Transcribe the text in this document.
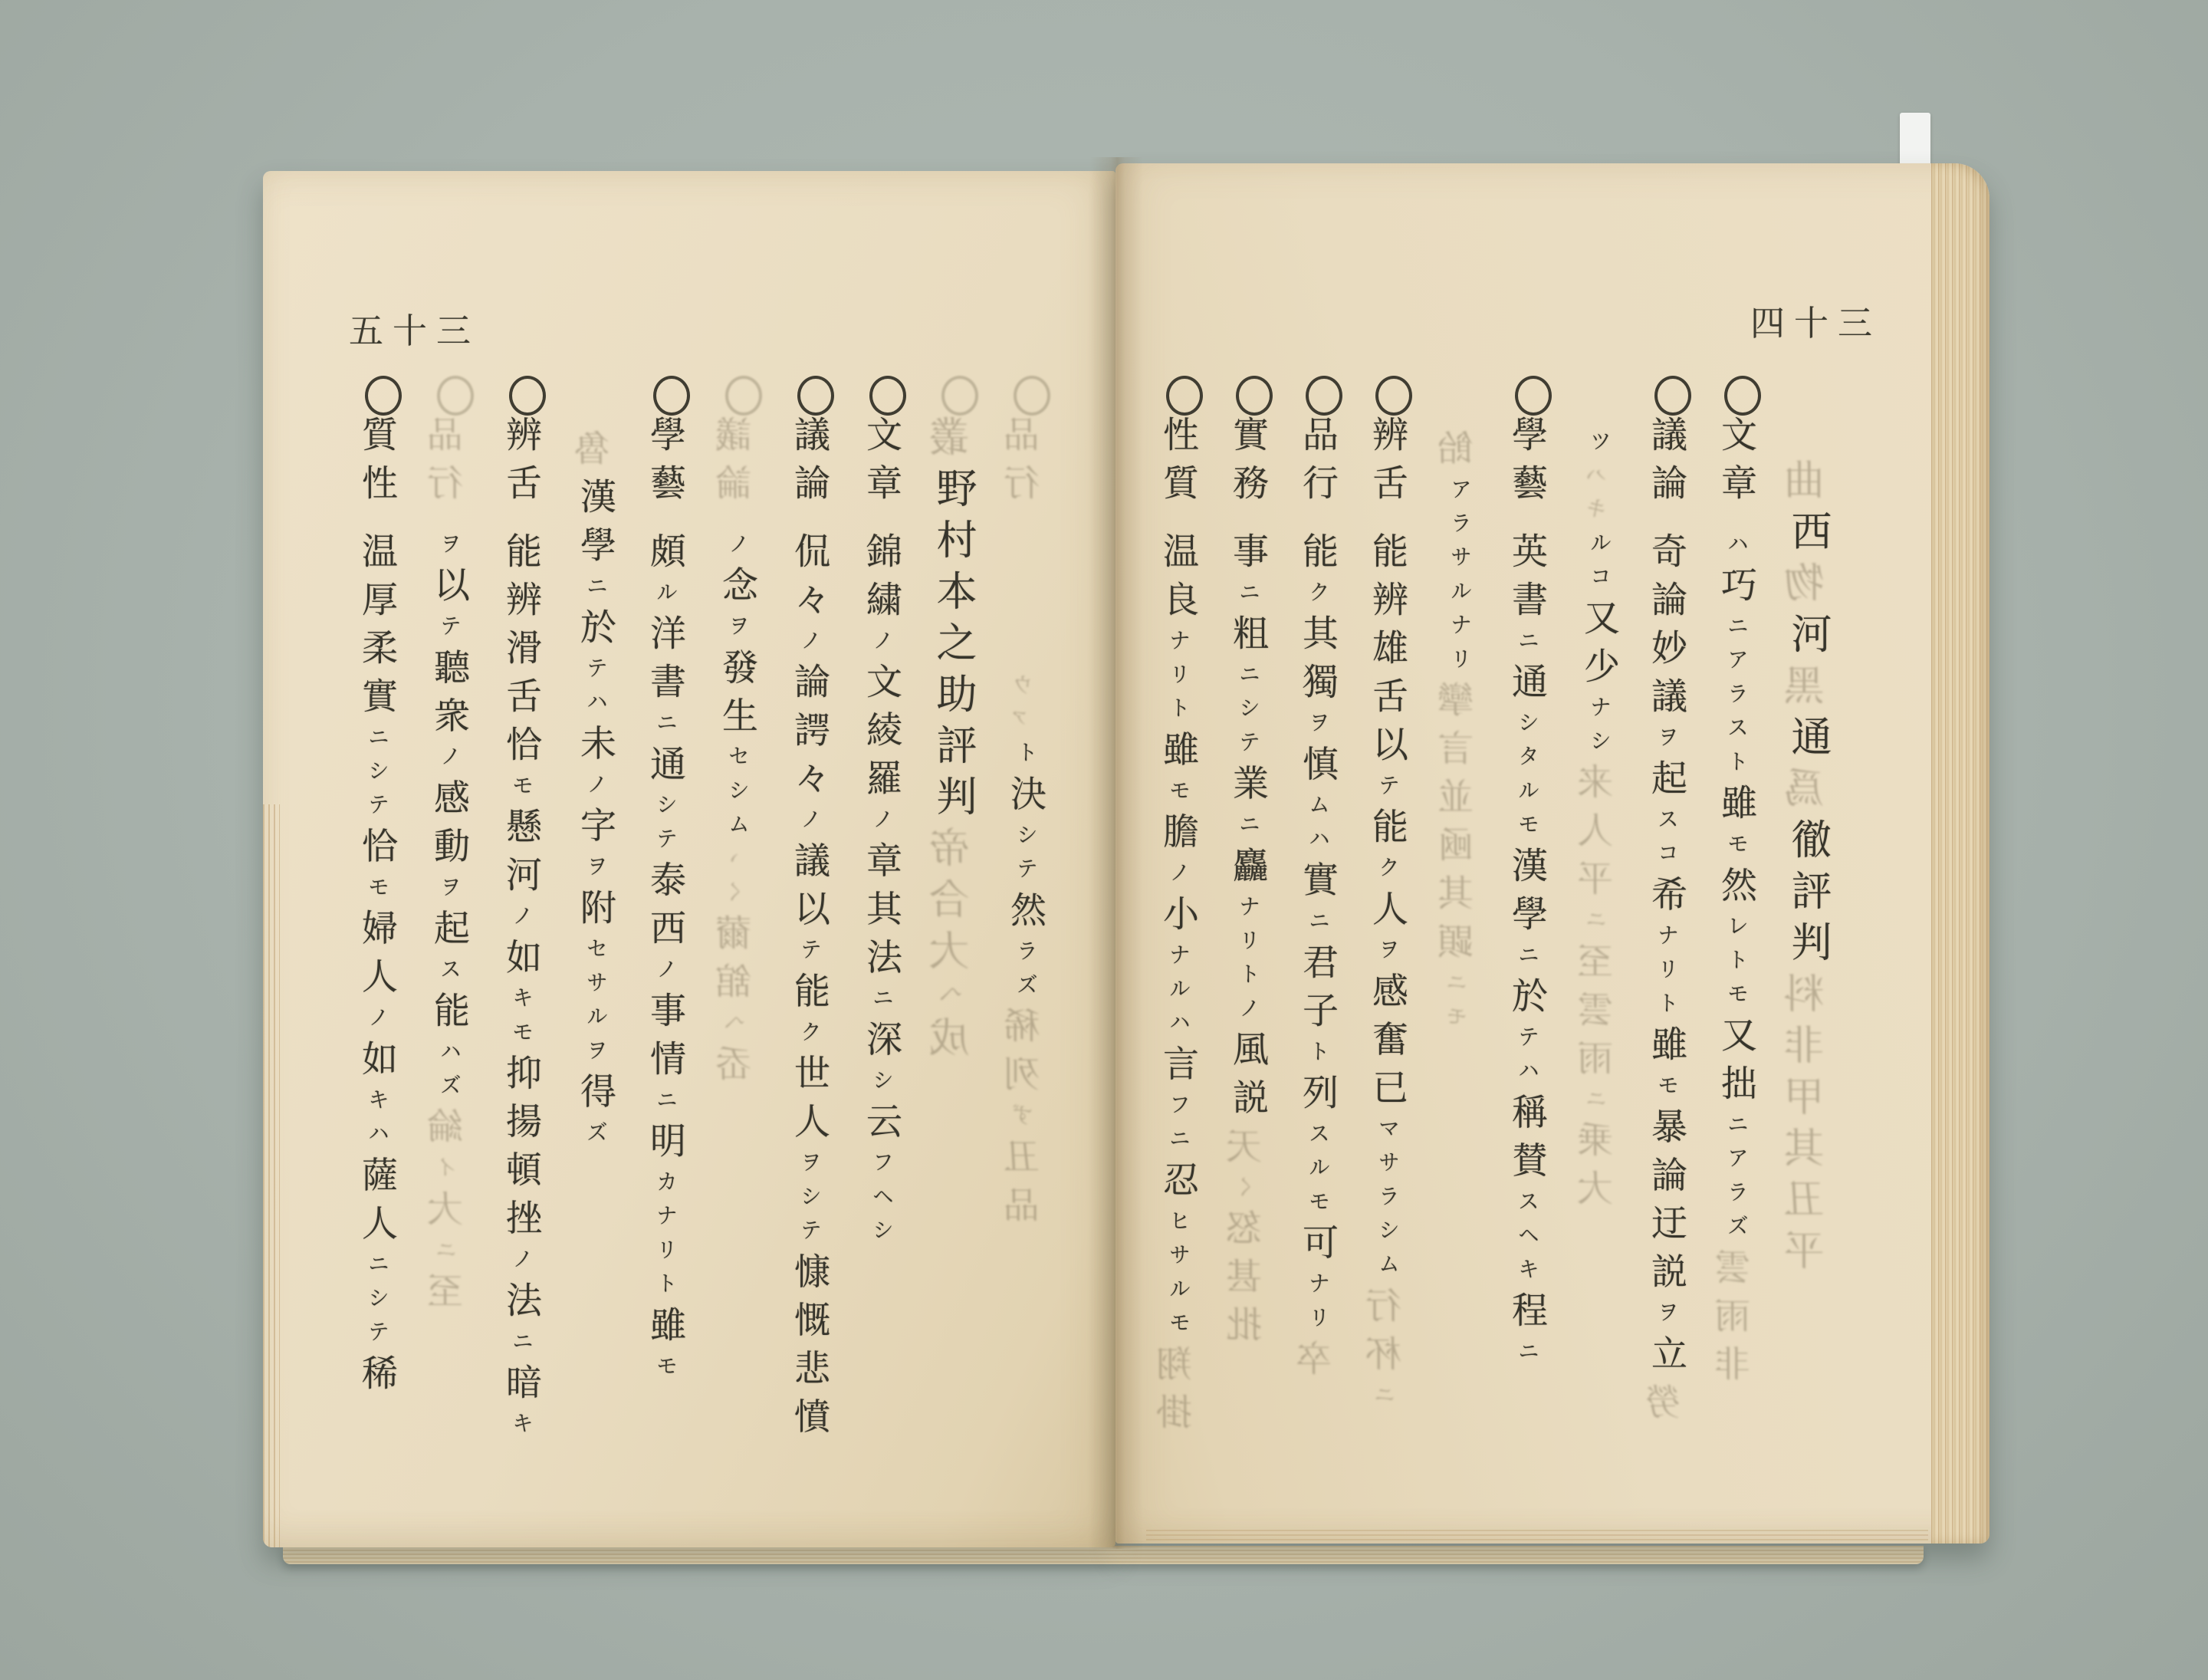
五十三
品行ウァト決シテ然ラズ稀列ず丑品
叢野村本之助評判帝合大ヘ成
文章錦繍ノ文綾羅ノ章其法ニ深シ云フヘシ
議論侃々ノ論諤々ノ議以テ能ク世人ヲシテ慷慨悲憤
議論ノ念ヲ發生セシムヽく薾舘ヘ岙
學藝頗ル洋書ニ通シテ泰西ノ事情ニ明カナリト雖モ
魯漢學ニ於テハ未ノ字ヲ附セサルヲ得ズ
辨舌能辨滑舌恰モ懸河ノ如キモ抑揚頓挫ノ法ニ暗キ
品行ヲ以テ聽衆ノ感動ヲ起ス能ハズ綸イ大ニ至
質性温厚柔實ニシテ恰モ婦人ノ如キハ薩人ニシテ稀
四十三
曲西物河黑通爲徹評判料非甲其丑平
文章ハ巧ニアラスト雖モ然レトモ又拙ニアラズ雲雨非
議論奇論妙議ヲ起スコ希ナリト雖モ暴論迂説ヲ立勞
ツハキルコ又少ナシ来人平ニ至雲雨ニ乗大
學藝英書ニ通シタルモ漢學ニ於テハ稱賛スヘキ程ニ
飴アラサルナリ攣言並凾其顕ニモ
辨舌能辨雄舌以テ能ク人ヲ感奮已マサラシム行杯ニ
品行能ク其獨ヲ慎ムハ實ニ君子ト列スルモ可ナリ卒
實務事ニ粗ニシテ業ニ麤ナリトノ風説天く怒甚批
性質温良ナリト雖モ膽ノ小ナルハ言フニ忍ヒサルモ翔掛
